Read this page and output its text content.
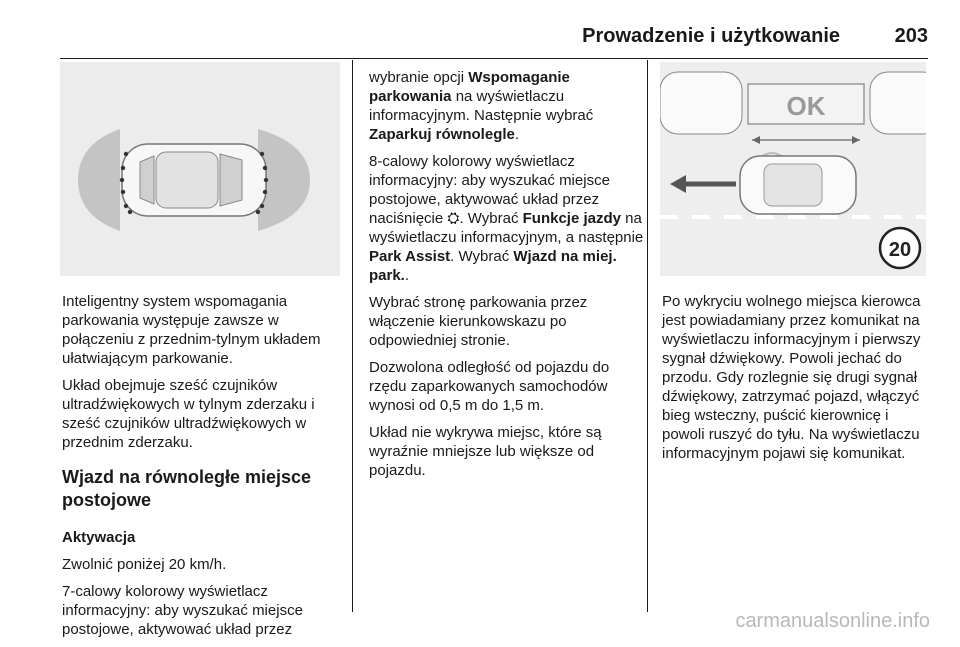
Prowadzenie i użytkowanie	203
OK
20

Inteligentny system wspomagania parkowania występuje zawsze w połączeniu z przednim-tylnym układem ułatwiającym parkowanie.

Układ obejmuje sześć czujników ultradźwiękowych w tylnym zderzaku i sześć czujników ultradźwiękowych w przednim zderzaku.

Wjazd na równoległe miejsce postojowe

Aktywacja

Zwolnić poniżej 20 km/h.

7-calowy kolorowy wyświetlacz informacyjny: aby wyszukać miejsce postojowe, aktywować układ przez

wybranie opcji Wspomaganie parkowania na wyświetlaczu informacyjnym. Następnie wybrać Zaparkuj równolegle.

8-calowy kolorowy wyświetlacz informacyjny: aby wyszukać miejsce postojowe, aktywować układ przez naciśnięcie ⛭. Wybrać Funkcje jazdy na wyświetlaczu informacyjnym, a następnie Park Assist. Wybrać Wjazd na miej. park..

Wybrać stronę parkowania przez włączenie kierunkowskazu po odpowiedniej stronie.

Dozwolona odległość od pojazdu do rzędu zaparkowanych samochodów wynosi od 0,5 m do 1,5 m.

Układ nie wykrywa miejsc, które są wyraźnie mniejsze lub większe od pojazdu.

Po wykryciu wolnego miejsca kierowca jest powiadamiany przez komunikat na wyświetlaczu informacyjnym i pierwszy sygnał dźwiękowy. Powoli jechać do przodu. Gdy rozlegnie się drugi sygnał dźwiękowy, zatrzymać pojazd, włączyć bieg wsteczny, puścić kierownicę i powoli ruszyć do tyłu. Na wyświetlaczu informacyjnym pojawi się komunikat.

carmanualsonline.info
